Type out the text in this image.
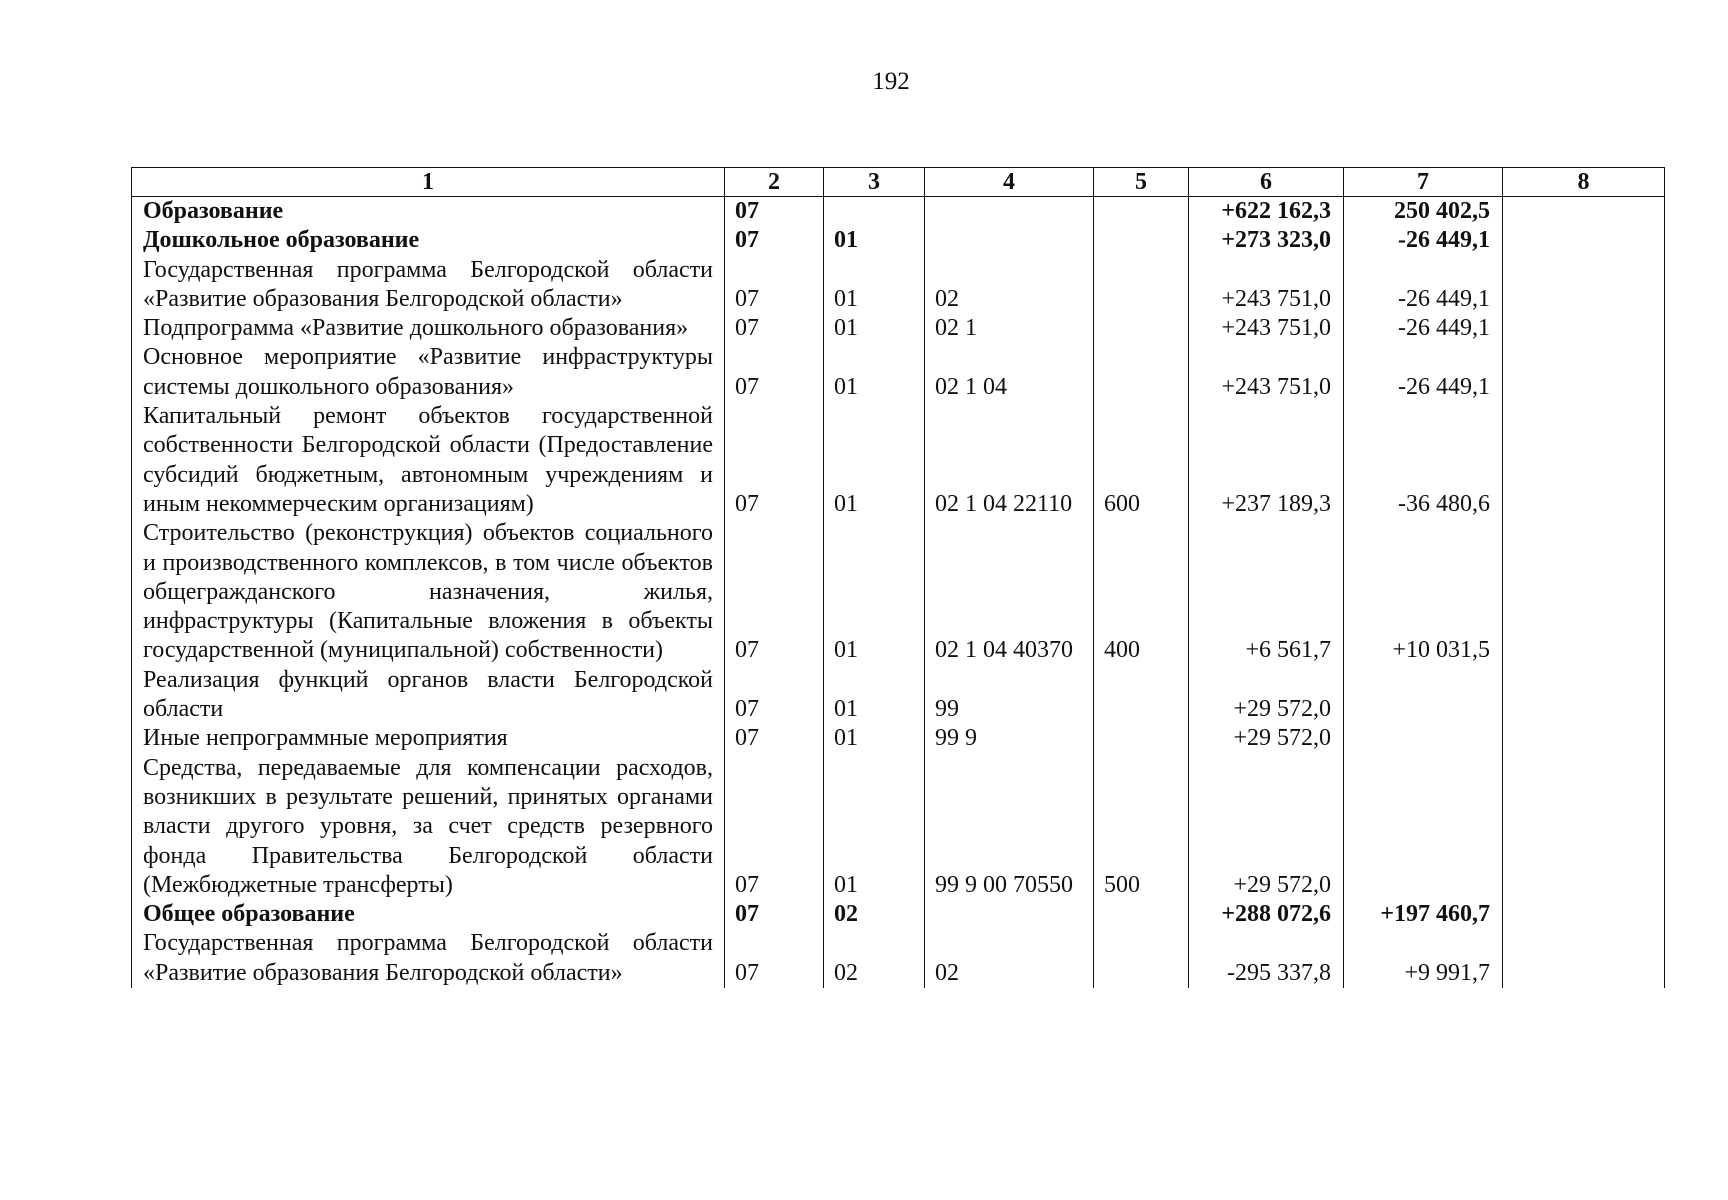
192
1	2	3	4	5	6	7	8
Образование	07				+622 162,3	250 402,5	
Дошкольное образование	07	01			+273 323,0	-26 449,1	
Государственная программа Белгородской области «Развитие образования Белгородской области»	07	01	02		+243 751,0	-26 449,1	
Подпрограмма «Развитие дошкольного образования»	07	01	02 1		+243 751,0	-26 449,1	
Основное мероприятие «Развитие инфраструктуры системы дошкольного образования»	07	01	02 1 04		+243 751,0	-26 449,1	
Капитальный ремонт объектов государственной собственности Белгородской области (Предоставление субсидий бюджетным, автономным учреждениям и иным некоммерческим организациям)	07	01	02 1 04 22110	600	+237 189,3	-36 480,6	
Строительство (реконструкция) объектов социального и производственного комплексов, в том числе объектов общегражданского назначения, жилья, инфраструктуры (Капитальные вложения в объекты государственной (муниципальной) собственности)	07	01	02 1 04 40370	400	+6 561,7	+10 031,5	
Реализация функций органов власти Белгородской области	07	01	99		+29 572,0		
Иные непрограммные мероприятия	07	01	99 9		+29 572,0		
Средства, передаваемые для компенсации расходов, возникших в результате решений, принятых органами власти другого уровня, за счет средств резервного фонда Правительства Белгородской области (Межбюджетные трансферты)	07	01	99 9 00 70550	500	+29 572,0		
Общее образование	07	02			+288 072,6	+197 460,7	
Государственная программа Белгородской области «Развитие образования Белгородской области»	07	02	02		-295 337,8	+9 991,7	
